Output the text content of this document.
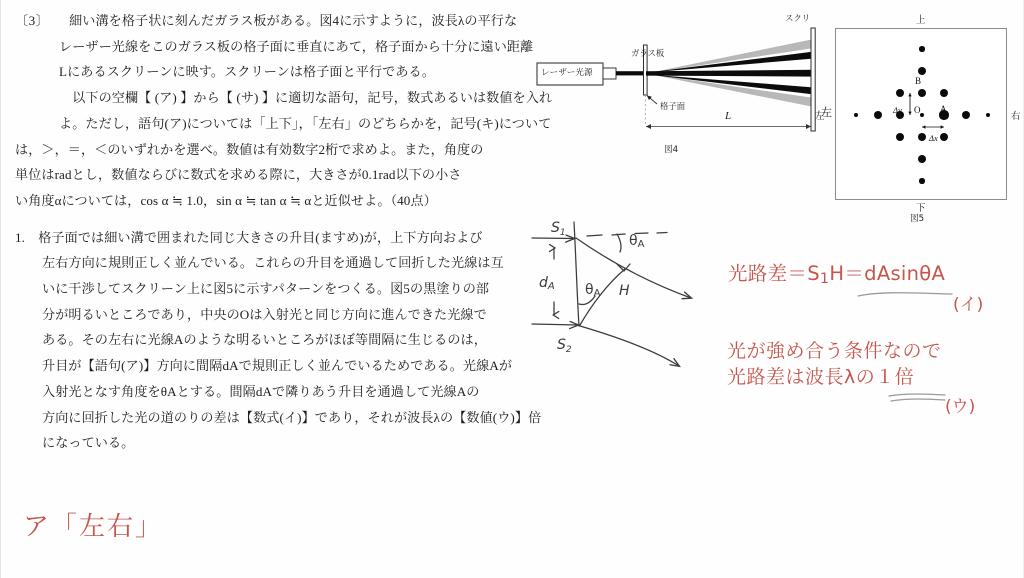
〔3〕　　 細い溝を格子状に刻んだガラス板がある。図4に示すように，波長λの平行な
レーザー光線をこのガラス板の格子面に垂直にあて，格子面から十分に遠い距離
Lにあるスクリーンに映す。スクリーンは格子面と平行である。
　以下の空欄【 (ア) 】から【 (サ) 】に適切な語句，記号，数式あるいは数値を入れ
よ。ただし，語句(ア)については「上下」，「左右」のどちらかを，記号(キ)について
は，＞，＝，＜のいずれかを選べ。数値は有効数字2桁で求めよ。また，角度の
単位はradとし，数値ならびに数式を求める際に，大きさが0.1rad以下の小さ
い角度αについては，cos α ≒ 1.0，sin α ≒ tan α ≒ αと近似せよ。（40点）
1.　 格子面では細い溝で囲まれた同じ大きさの升目(ますめ)が，上下方向および
左右方向に規則正しく並んでいる。これらの升目を通過して回折した光線は互
いに干渉してスクリーン上に図5に示すパターンをつくる。図5の黒塗りの部
分が明るいところであり，中央のOは入射光と同じ方向に進んできた光線で
ある。その左右に光線Aのような明るいところがほぼ等間隔に生じるのは，
升目が【語句(ア)】方向に間隔dAで規則正しく並んでいるためである。光線Aが
入射光となす角度をθAとする。間隔dAで隣りあう升目を通過して光線Aの
方向に回折した光の道のりの差は【数式(イ)】であり，それが波長λの【数値(ウ)】倍
になっている。
ア「左右」
レーザー光源
ガラス板
格子面
スクリ
L	左
図4
上
下
左	右
O A
B
Δy
Δx
図5
$S_1$
$S_2$
dA
θA
θA H
光路差＝S1H＝dAsinθA
(イ)
光が強め合う条件なので
光路差は波長λの１倍
(ウ)
